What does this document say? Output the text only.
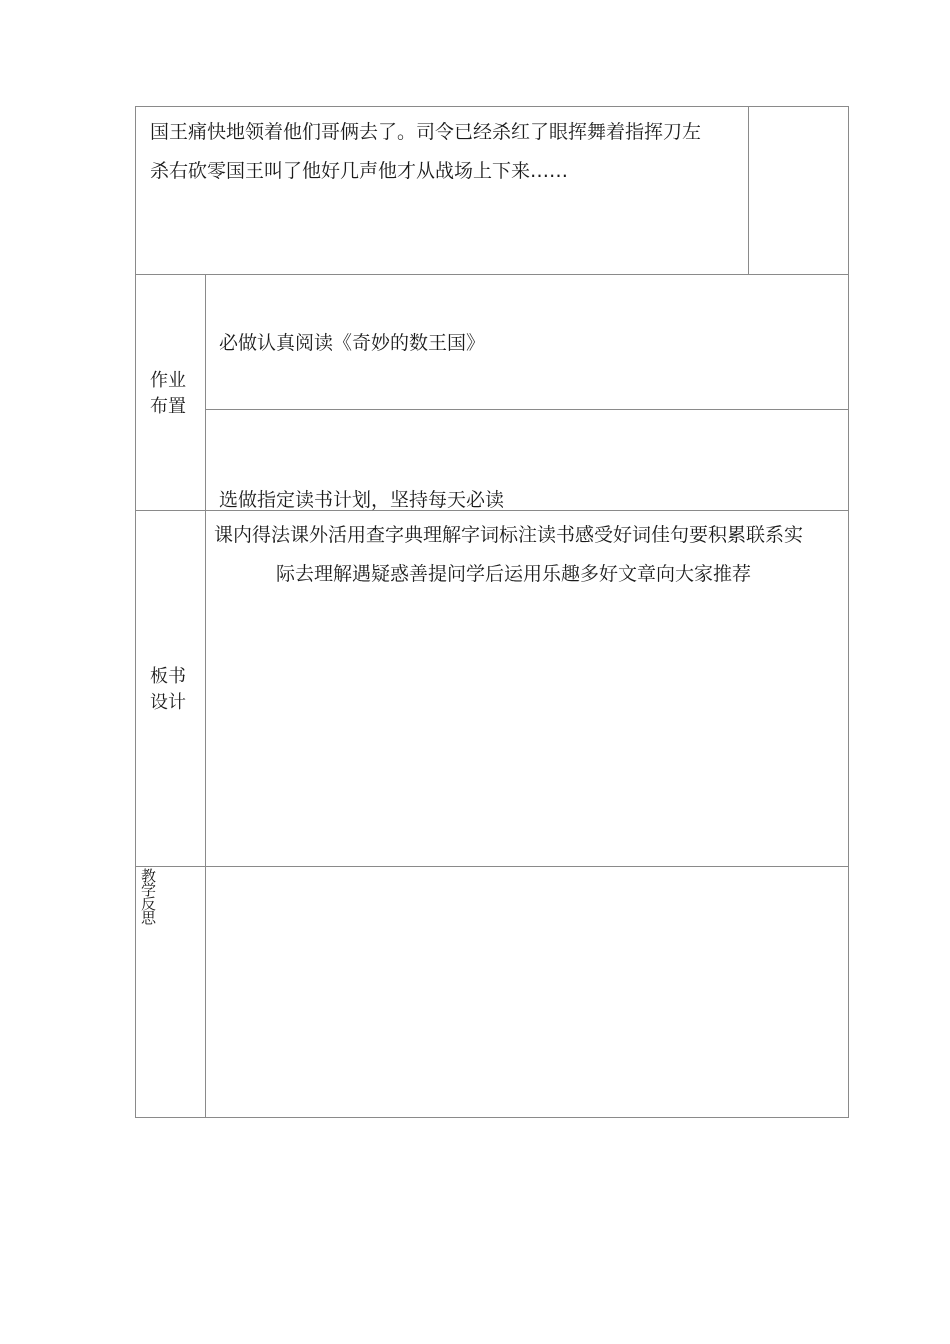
国王痛快地领着他们哥俩去了。司令已经杀红了眼挥舞着指挥刀左
杀右砍零国王叫了他好几声他才从战场上下来……
作业
布置
必做认真阅读《奇妙的数王国》
选做指定读书计划，坚持每天必读
板书
设计
课内得法课外活用查字典理解字词标注读书感受好词佳句要积累联系实
际去理解遇疑惑善提问学后运用乐趣多好文章向大家推荐
教学反思
